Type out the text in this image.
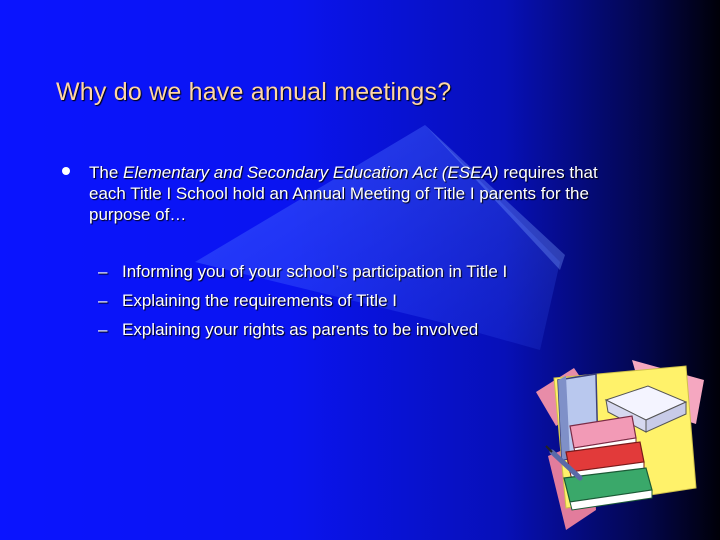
Why do we have annual meetings?
The Elementary and Secondary Education Act (ESEA) requires that each Title I School hold an Annual Meeting of Title I parents for the purpose of…
– Informing you of your school’s participation in Title I
– Explaining the requirements of Title I
– Explaining your rights as parents to be involved
